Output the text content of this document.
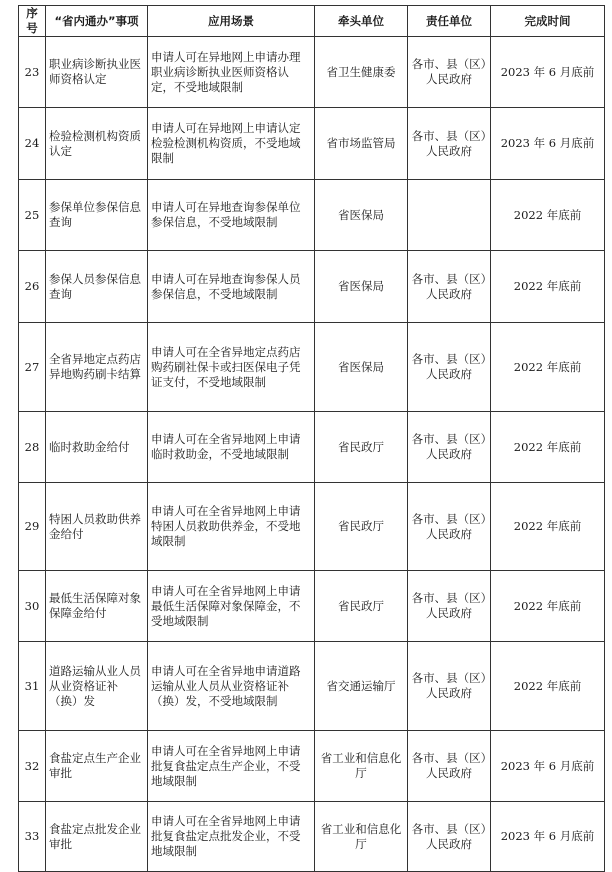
序号	“省内通办”事项	应用场景	牵头单位	责任单位	完成时间
23	职业病诊断执业医师资格认定	申请人可在异地网上申请办理职业病诊断执业医师资格认定，不受地域限制	省卫生健康委	各市、县（区）人民政府	2023 年 6 月底前
24	检验检测机构资质认定	申请人可在异地网上申请认定检验检测机构资质，不受地域限制	省市场监管局	各市、县（区）人民政府	2023 年 6 月底前
25	参保单位参保信息查询	申请人可在异地查询参保单位参保信息，不受地域限制	省医保局		2022 年底前
26	参保人员参保信息查询	申请人可在异地查询参保人员参保信息，不受地域限制	省医保局	各市、县（区）人民政府	2022 年底前
27	全省异地定点药店异地购药刷卡结算	申请人可在全省异地定点药店购药刷社保卡或扫医保电子凭证支付，不受地域限制	省医保局	各市、县（区）人民政府	2022 年底前
28	临时救助金给付	申请人可在全省异地网上申请临时救助金，不受地域限制	省民政厅	各市、县（区）人民政府	2022 年底前
29	特困人员救助供养金给付	申请人可在全省异地网上申请特困人员救助供养金，不受地域限制	省民政厅	各市、县（区）人民政府	2022 年底前
30	最低生活保障对象保障金给付	申请人可在全省异地网上申请最低生活保障对象保障金，不受地域限制	省民政厅	各市、县（区）人民政府	2022 年底前
31	道路运输从业人员从业资格证补（换）发	申请人可在全省异地申请道路运输从业人员从业资格证补（换）发，不受地域限制	省交通运输厅	各市、县（区）人民政府	2022 年底前
32	食盐定点生产企业审批	申请人可在全省异地网上申请批复食盐定点生产企业，不受地域限制	省工业和信息化厅	各市、县（区）人民政府	2023 年 6 月底前
33	食盐定点批发企业审批	申请人可在全省异地网上申请批复食盐定点批发企业，不受地域限制	省工业和信息化厅	各市、县（区）人民政府	2023 年 6 月底前
